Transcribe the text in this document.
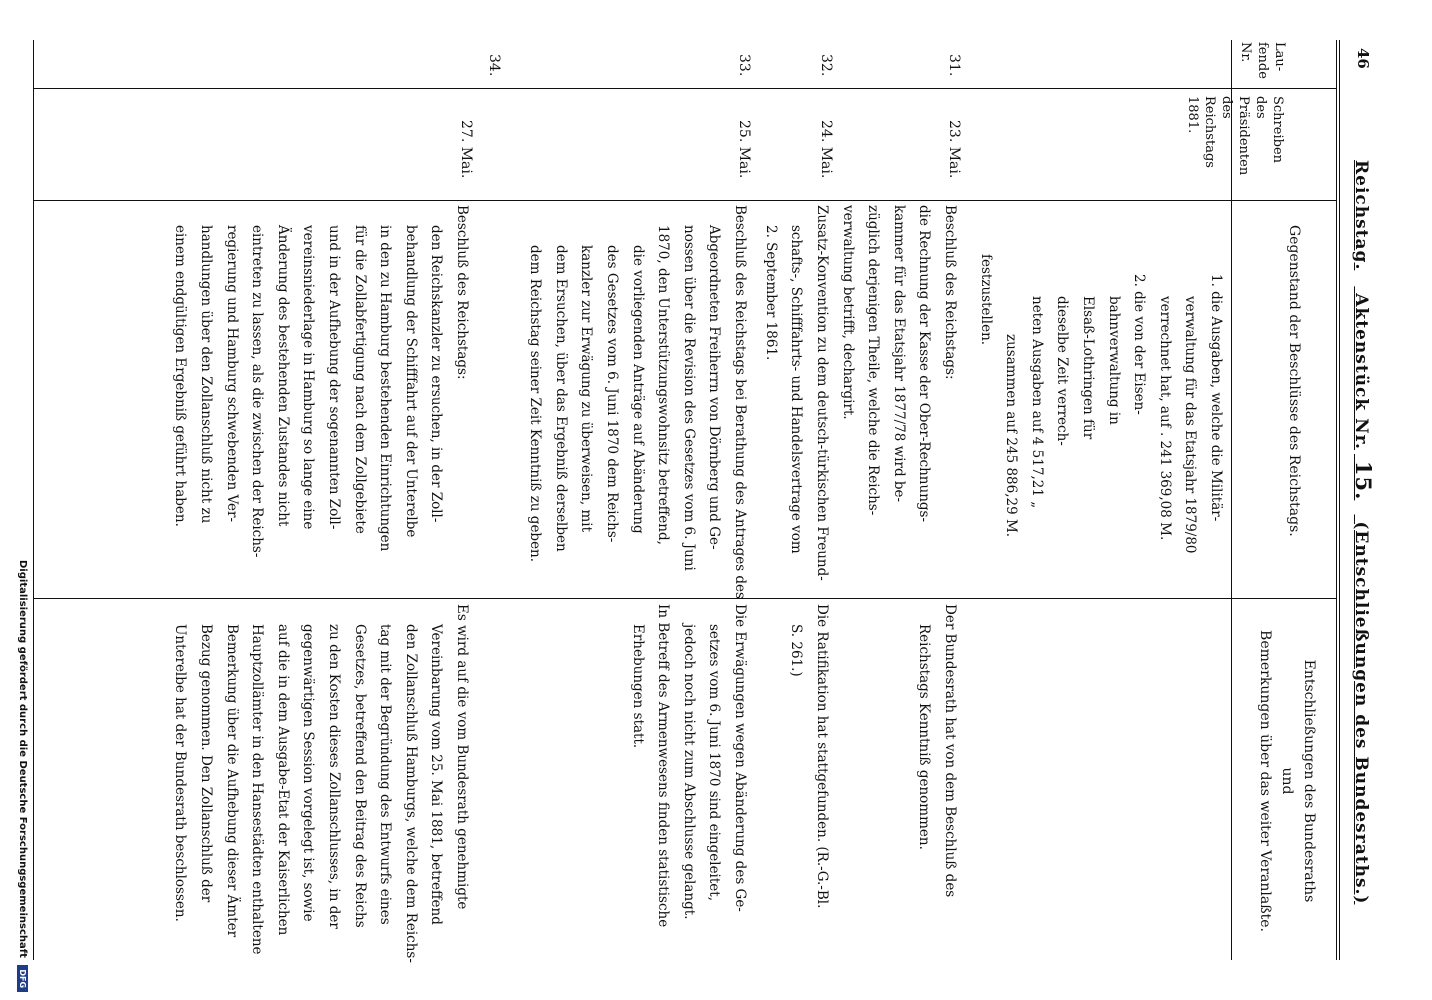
46
Reichstag. Aktenstück Nr. 15. (Entschließungen des Bundesraths.)
Lau-
fende
Nr.
Schreiben
des
Präsidenten
des
Reichstags
1881.
Gegenstand der Beschlüsse des Reichstags.
Entschließungen des Bundesraths
und
Bemerkungen über das weiter Veranlaßte.
1. die Ausgaben, welche die Militär-
verwaltung für das Etatsjahr 1879/80
verrechnet hat, auf . 241 369,08 M.
2. die von der Eisen-
bahnverwaltung in
Elsaß-Lothringen für
dieselbe Zeit verrech-
neten Ausgaben auf 4 517,21 „
zusammen auf 245 886,29 M.
festzustellen.
31.
23. Mai.
Beschluß des Reichstags:
die Rechnung der Kasse der Ober-Rechnungs-
kammer für das Etatsjahr 1877/78 wird be-
züglich derjenigen Theile, welche die Reichs-
verwaltung betrifft, dechargirt.
Der Bundesrath hat von dem Beschluß des
Reichstags Kenntniß genommen.
32.
24. Mai.
Zusatz-Konvention zu dem deutsch-türkischen Freund-
schafts-, Schifffahrts- und Handelsvertrage vom
2. September 1861.
Die Ratifikation hat stattgefunden. (R.-G.-Bl.
S. 261.)
33.
25. Mai.
Beschluß des Reichstags bei Berathung des Antrages des
Abgeordneten Freiherrn von Dörnberg und Ge-
nossen über die Revision des Gesetzes vom 6. Juni
1870, den Unterstützungswohnsitz betreffend,
die vorliegenden Anträge auf Abänderung
des Gesetzes vom 6. Juni 1870 dem Reichs-
kanzler zur Erwägung zu überweisen, mit
dem Ersuchen, über das Ergebniß derselben
dem Reichstag seiner Zeit Kenntniß zu geben.
Die Erwägungen wegen Abänderung des Ge-
setzes vom 6. Juni 1870 sind eingeleitet,
jedoch noch nicht zum Abschlusse gelangt.
In Betreff des Armenwesens finden statistische
Erhebungen statt.
34.
27. Mai.
Beschluß des Reichstags:
den Reichskanzler zu ersuchen, in der Zoll-
behandlung der Schifffahrt auf der Unterelbe
in den zu Hamburg bestehenden Einrichtungen
für die Zollabfertigung nach dem Zollgebiete
und in der Aufhebung der sogenannten Zoll-
vereinsniederlage in Hamburg so lange eine
Änderung des bestehenden Zustandes nicht
eintreten zu lassen, als die zwischen der Reichs-
regierung und Hamburg schwebenden Ver-
handlungen über den Zollanschluß nicht zu
einem endgültigen Ergebniß geführt haben.
Es wird auf die vom Bundesrath genehmigte
Vereinbarung vom 25. Mai 1881, betreffend
den Zollanschluß Hamburgs, welche dem Reichs-
tag mit der Begründung des Entwurfs eines
Gesetzes, betreffend den Beitrag des Reichs
zu den Kosten dieses Zollanschlusses, in der
gegenwärtigen Session vorgelegt ist, sowie
auf die in dem Ausgabe-Etat der Kaiserlichen
Hauptzollämter in den Hansestädten enthaltene
Bemerkung über die Aufhebung dieser Ämter
Bezug genommen. Den Zollanschluß der
Unterelbe hat der Bundesrath beschlossen.
Digitalisierung gefördert durch die Deutsche Forschungsgemeinschaft DFG
